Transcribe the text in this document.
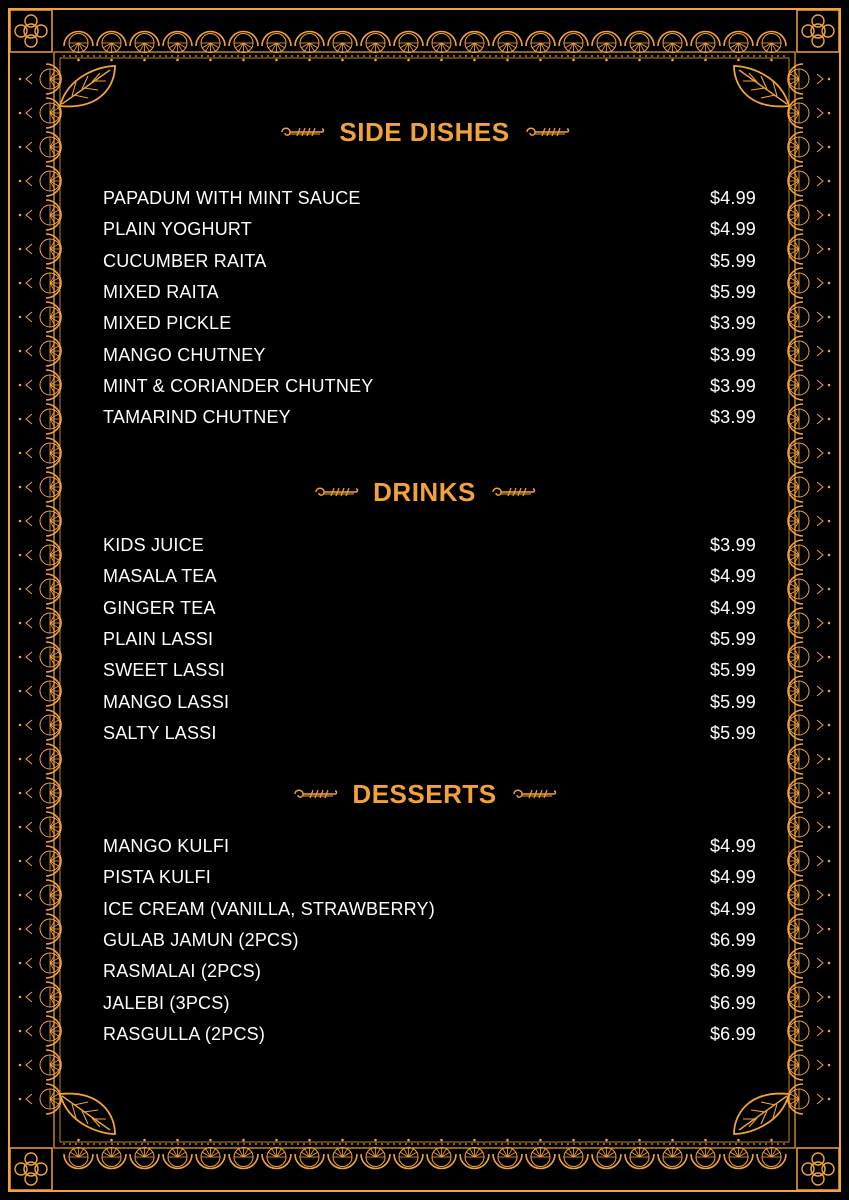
SIDE DISHES
PAPADUM WITH MINT SAUCE	$4.99
PLAIN YOGHURT	$4.99
CUCUMBER RAITA	$5.99
MIXED RAITA	$5.99
MIXED PICKLE	$3.99
MANGO CHUTNEY	$3.99
MINT & CORIANDER CHUTNEY	$3.99
TAMARIND CHUTNEY	$3.99
DRINKS
KIDS JUICE	$3.99
MASALA TEA	$4.99
GINGER TEA	$4.99
PLAIN LASSI	$5.99
SWEET LASSI	$5.99
MANGO LASSI	$5.99
SALTY LASSI	$5.99
DESSERTS
MANGO KULFI	$4.99
PISTA KULFI	$4.99
ICE CREAM (VANILLA, STRAWBERRY)	$4.99
GULAB JAMUN (2PCS)	$6.99
RASMALAI (2PCS)	$6.99
JALEBI (3PCS)	$6.99
RASGULLA (2PCS)	$6.99
